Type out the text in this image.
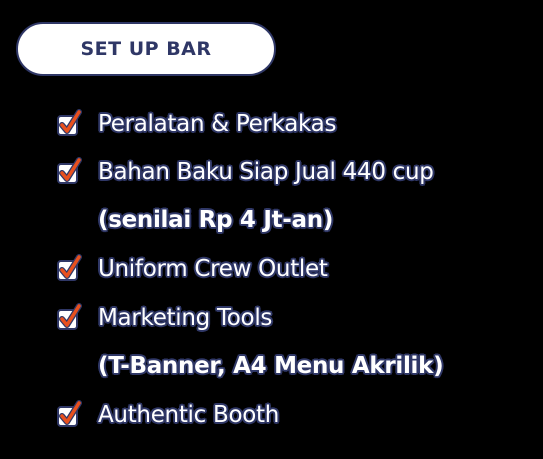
SET UP BAR
Peralatan & Perkakas
Bahan Baku Siap Jual 440 cup
(senilai Rp 4 Jt-an)
Uniform Crew Outlet
Marketing Tools
(T-Banner, A4 Menu Akrilik)
Authentic Booth
